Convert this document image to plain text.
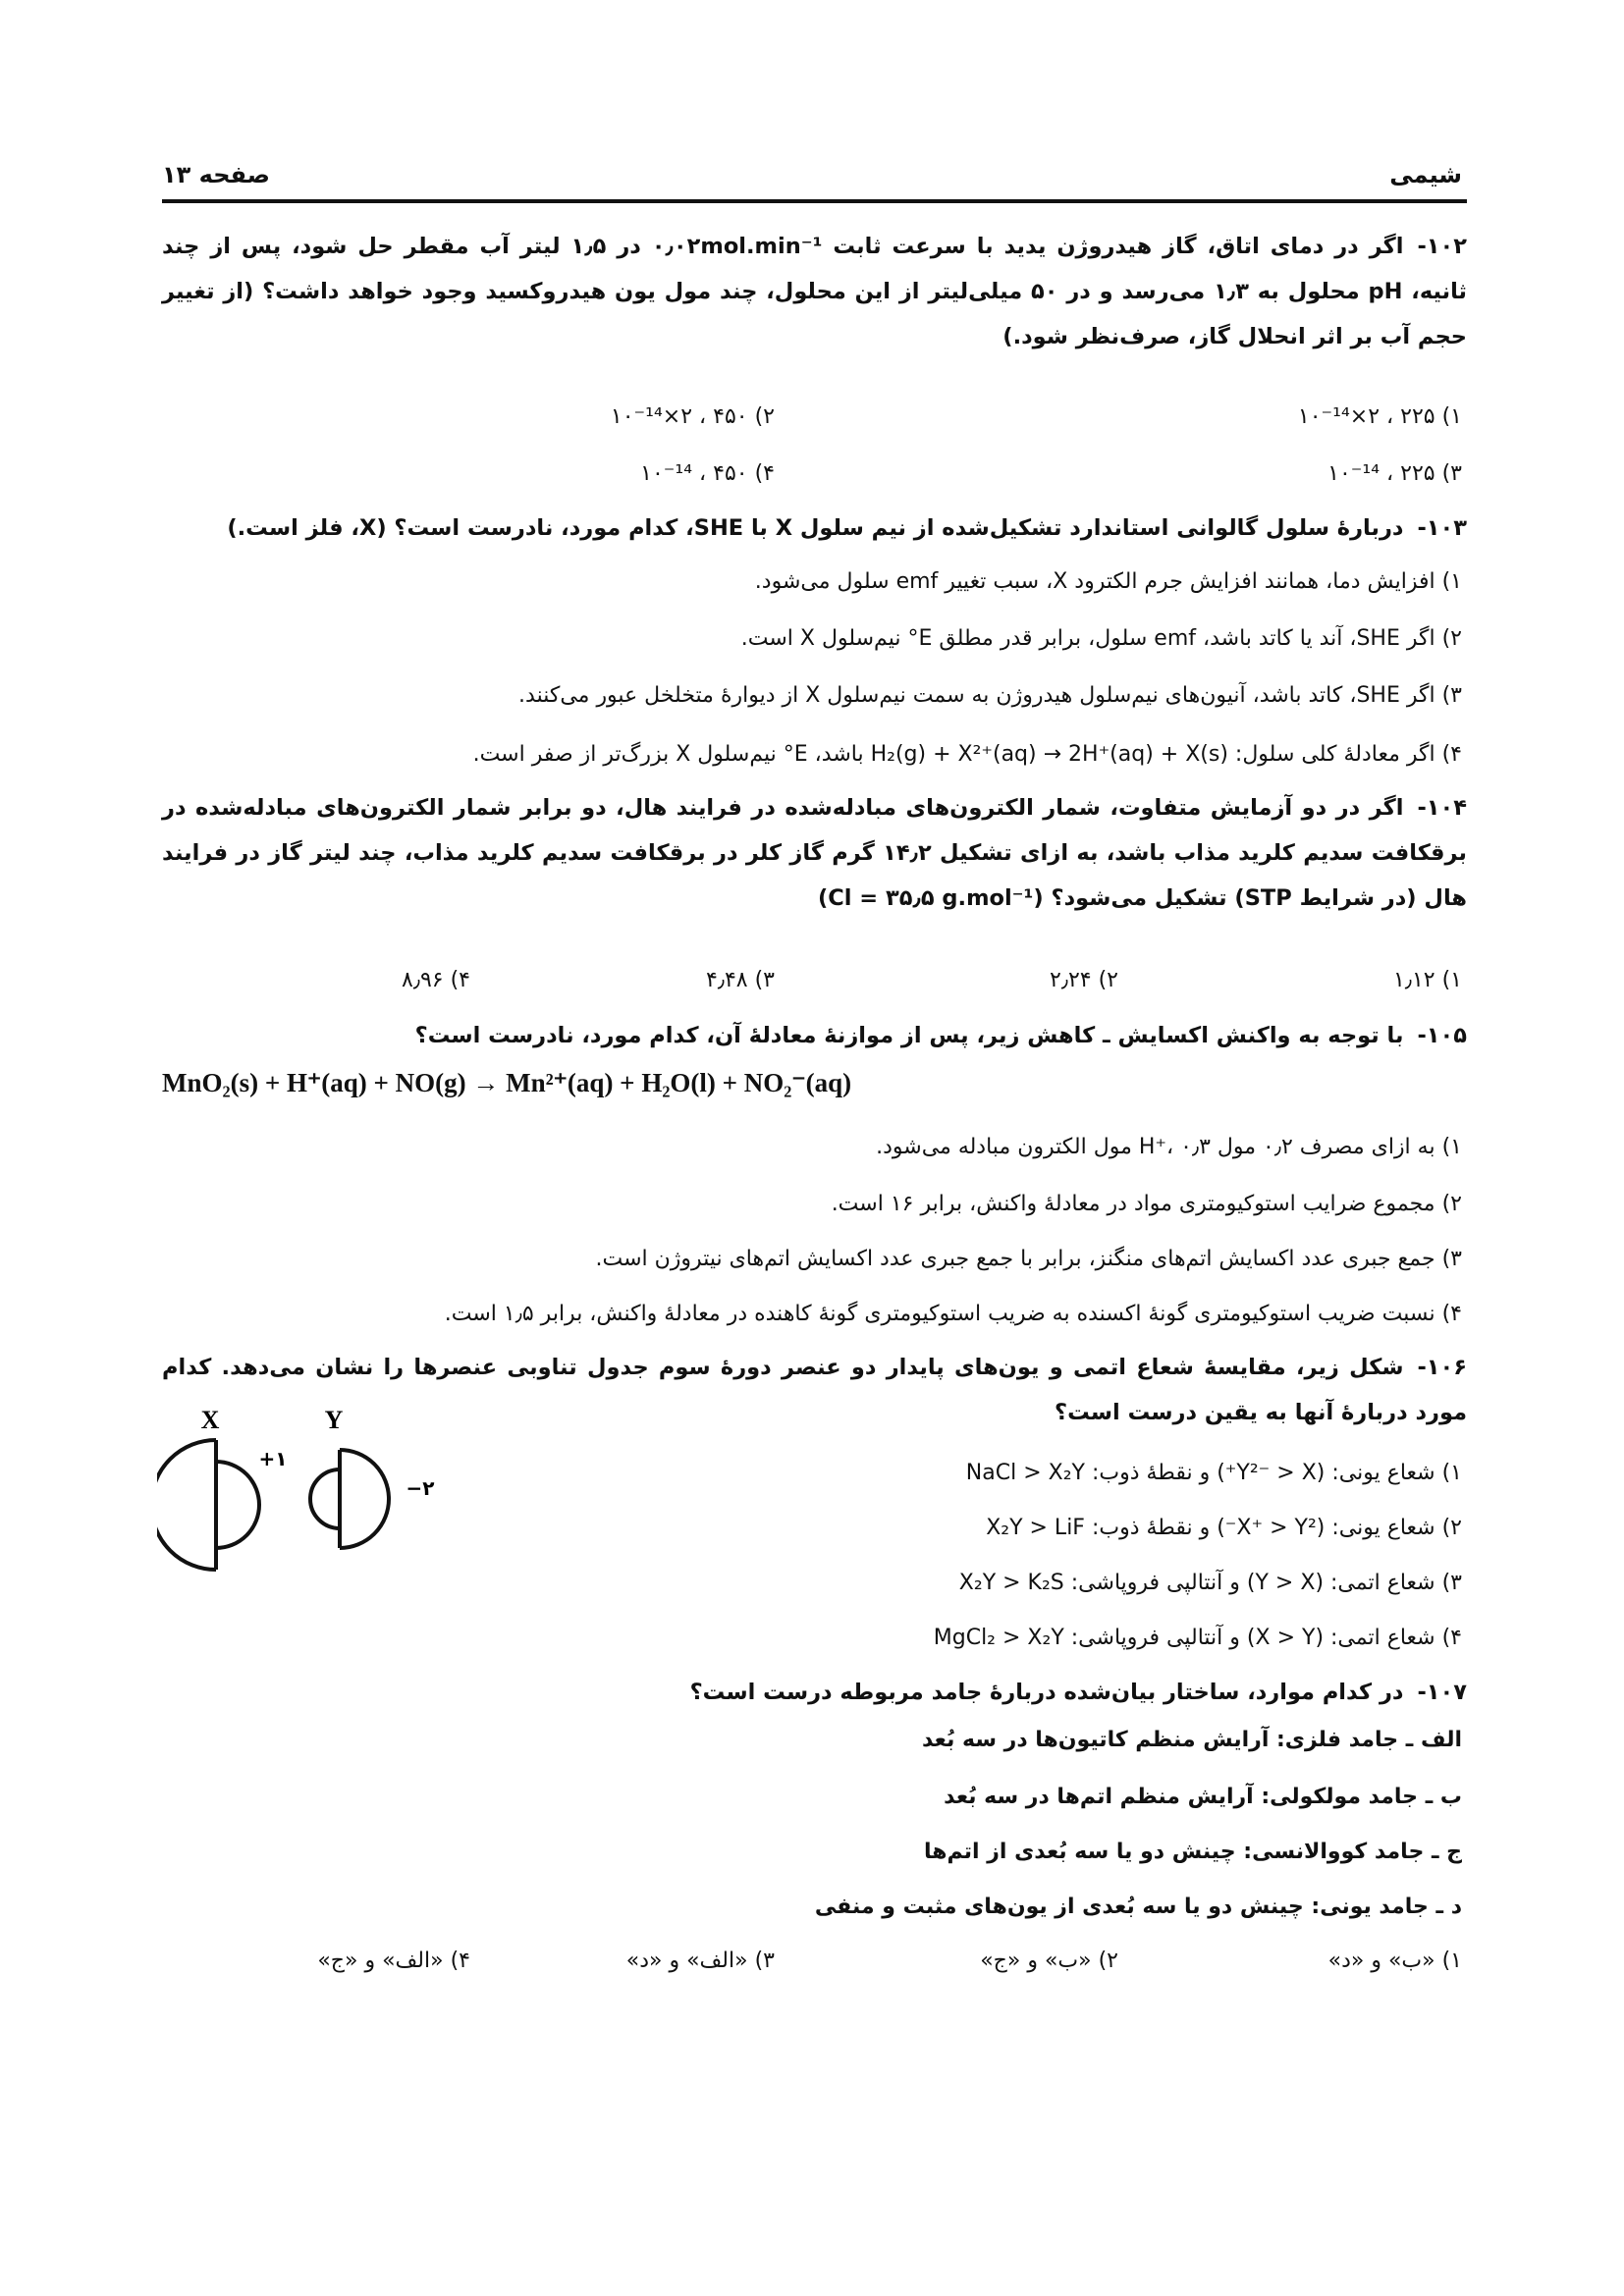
شیمی
صفحه ۱۳
۱۰۲-اگر در دمای اتاق، گاز هیدروژن یدید با سرعت ثابت ۰٫۰۲mol.min⁻¹ در ۱٫۵ لیتر آب مقطر حل شود، پس از چند ثانیه، pH محلول به ۱٫۳ می‌رسد و در ۵۰ میلی‌لیتر از این محلول، چند مول یون هیدروکسید وجود خواهد داشت؟ (از تغییر حجم آب بر اثر انحلال گاز، صرف‌نظر شود.)
۱) ۲۲۵ ، ۲×۱۰⁻¹⁴
۲) ۴۵۰ ، ۲×۱۰⁻¹⁴
۳) ۲۲۵ ، ۱۰⁻¹⁴
۴) ۴۵۰ ، ۱۰⁻¹⁴
۱۰۳-دربارهٔ سلول گالوانی استاندارد تشکیل‌شده از نیم سلول X با SHE، کدام مورد، نادرست است؟ (X، فلز است.)
۱) افزایش دما، همانند افزایش جرم الکترود X، سبب تغییر emf سلول می‌شود.
۲) اگر SHE، آند یا کاتد باشد، emf سلول، برابر قدر مطلق E° نیم‌سلول X است.
۳) اگر SHE، کاتد باشد، آنیون‌های نیم‌سلول هیدروژن به سمت نیم‌سلول X از دیوارهٔ متخلخل عبور می‌کنند.
۴) اگر معادلهٔ کلی سلول: H₂(g) + X²⁺(aq) → 2H⁺(aq) + X(s) باشد، E° نیم‌سلول X بزرگ‌تر از صفر است.
۱۰۴-اگر در دو آزمایش متفاوت، شمار الکترون‌های مبادله‌شده در فرایند هال، دو برابر شمار الکترون‌های مبادله‌شده در برقکافت سدیم کلرید مذاب باشد، به ازای تشکیل ۱۴٫۲ گرم گاز کلر در برقکافت سدیم کلرید مذاب، چند لیتر گاز در فرایند هال (در شرایط STP) تشکیل می‌شود؟ (Cl = ۳۵٫۵ g.mol⁻¹)
۱) ۱٫۱۲
۲) ۲٫۲۴
۳) ۴٫۴۸
۴) ۸٫۹۶
۱۰۵-با توجه به واکنش اکسایش ـ کاهش زیر، پس از موازنهٔ معادلهٔ آن، کدام مورد، نادرست است؟
MnO₂(s) + H⁺(aq) + NO(g) → Mn²⁺(aq) + H₂O(l) + NO₂⁻(aq)
۱) به ازای مصرف ۰٫۲ مول H⁺، ۰٫۳ مول الکترون مبادله می‌شود.
۲) مجموع ضرایب استوکیومتری مواد در معادلهٔ واکنش، برابر ۱۶ است.
۳) جمع جبری عدد اکسایش اتم‌های منگنز، برابر با جمع جبری عدد اکسایش اتم‌های نیتروژن است.
۴) نسبت ضریب استوکیومتری گونهٔ اکسنده به ضریب استوکیومتری گونهٔ کاهنده در معادلهٔ واکنش، برابر ۱٫۵ است.
۱۰۶-شکل زیر، مقایسهٔ شعاع اتمی و یون‌های پایدار دو عنصر دورهٔ سوم جدول تناوبی عنصرها را نشان می‌دهد. کدام مورد دربارهٔ آنها به یقین درست است؟
X	Y
۱+
۲−
۱) شعاع یونی: (Y²⁻ > X⁺) و نقطهٔ ذوب: NaCl > X₂Y
۲) شعاع یونی: (X⁺ > Y²⁻) و نقطهٔ ذوب: X₂Y > LiF
۳) شعاع اتمی: (Y > X) و آنتالپی فروپاشی: X₂Y > K₂S
۴) شعاع اتمی: (X > Y) و آنتالپی فروپاشی: MgCl₂ > X₂Y
۱۰۷-در کدام موارد، ساختار بیان‌شده دربارهٔ جامد مربوطه درست است؟
الف ـ جامد فلزی: آرایش منظم کاتیون‌ها در سه بُعد
ب ـ جامد مولکولی: آرایش منظم اتم‌ها در سه بُعد
ج ـ جامد کووالانسی: چینش دو یا سه بُعدی از اتم‌ها
د ـ جامد یونی: چینش دو یا سه بُعدی از یون‌های مثبت و منفی
۱) «ب» و «د»
۲) «ب» و «ج»
۳) «الف» و «د»
۴) «الف» و «ج»
